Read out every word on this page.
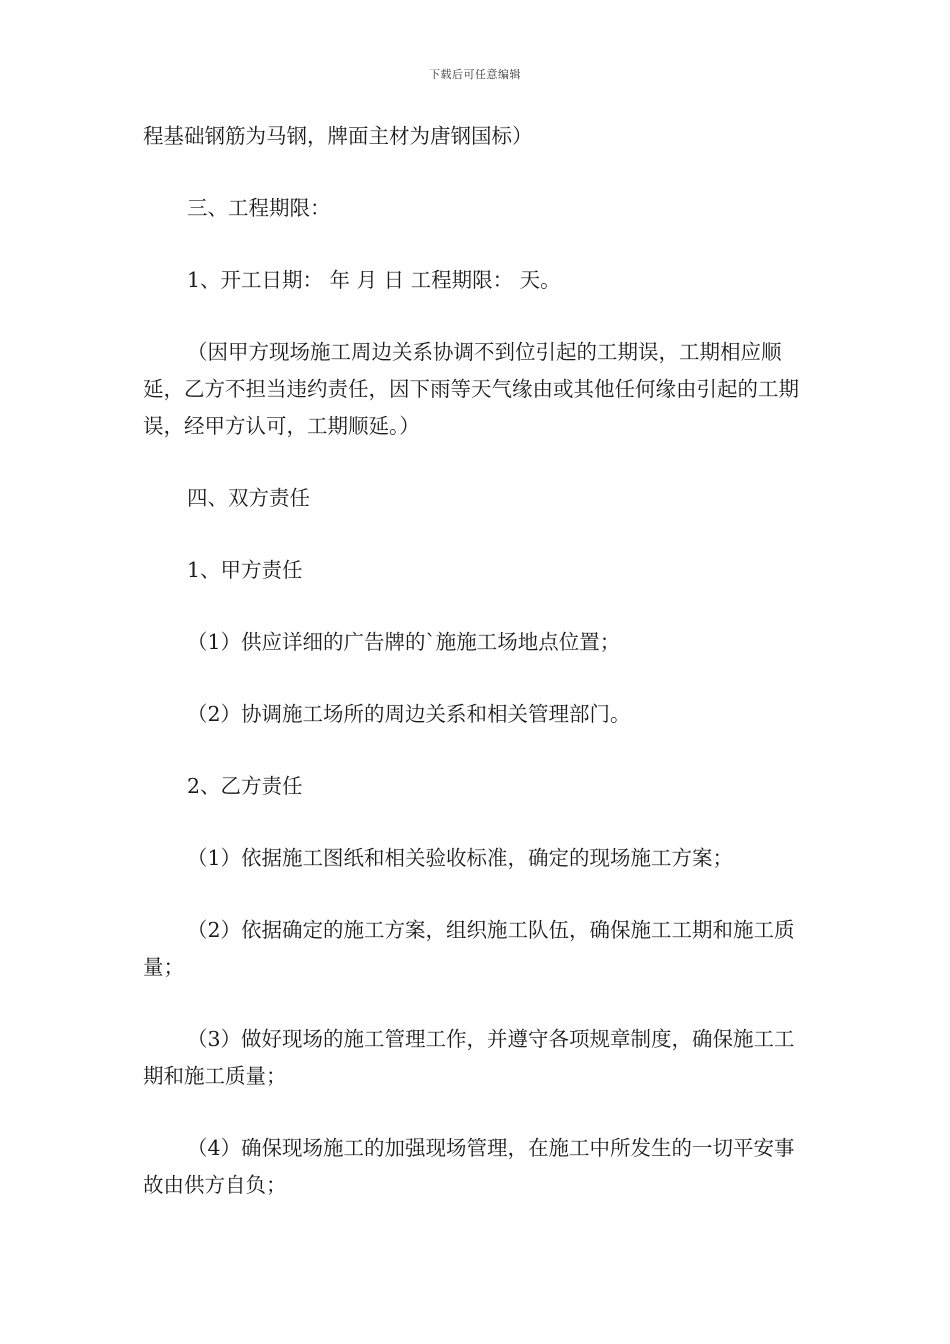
下载后可任意编辑

程基础钢筋为马钢，牌面主材为唐钢国标）

三、工程期限：

1、开工日期： 年 月 日 工程期限： 天。

（因甲方现场施工周边关系协调不到位引起的工期误，工期相应顺延，乙方不担当违约责任，因下雨等天气缘由或其他任何缘由引起的工期误，经甲方认可，工期顺延。）

四、双方责任

1、甲方责任

（1）供应详细的广告牌的`施施工场地点位置；

（2）协调施工场所的周边关系和相关管理部门。

2、乙方责任

（1）依据施工图纸和相关验收标准，确定的现场施工方案；

（2）依据确定的施工方案，组织施工队伍，确保施工工期和施工质量；

（3）做好现场的施工管理工作，并遵守各项规章制度，确保施工工期和施工质量；

（4）确保现场施工的加强现场管理，在施工中所发生的一切平安事故由供方自负；
